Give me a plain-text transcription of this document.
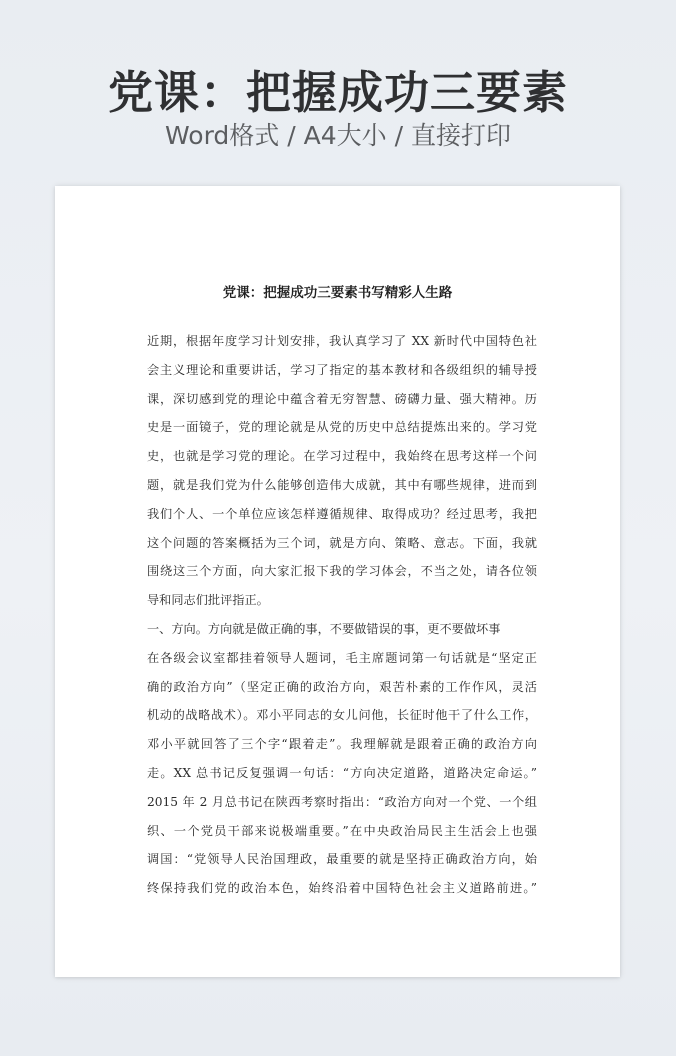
党课：把握成功三要素
Word格式 / A4大小 / 直接打印
党课：把握成功三要素书写精彩人生路
近期，根据年度学习计划安排，我认真学习了 XX 新时代中国特色社
会主义理论和重要讲话，学习了指定的基本教材和各级组织的辅导授
课，深切感到党的理论中蕴含着无穷智慧、磅礴力量、强大精神。历
史是一面镜子，党的理论就是从党的历史中总结提炼出来的。学习党
史，也就是学习党的理论。在学习过程中，我始终在思考这样一个问
题，就是我们党为什么能够创造伟大成就，其中有哪些规律，进而到
我们个人、一个单位应该怎样遵循规律、取得成功？经过思考，我把
这个问题的答案概括为三个词，就是方向、策略、意志。下面，我就
围绕这三个方面，向大家汇报下我的学习体会，不当之处，请各位领
导和同志们批评指正。
一、方向。方向就是做正确的事，不要做错误的事，更不要做坏事
在各级会议室都挂着领导人题词，毛主席题词第一句话就是“坚定正
确的政治方向”（坚定正确的政治方向，艰苦朴素的工作作风，灵活
机动的战略战术）。邓小平同志的女儿问他，长征时他干了什么工作，
邓小平就回答了三个字“跟着走”。我理解就是跟着正确的政治方向
走。XX 总书记反复强调一句话：“方向决定道路，道路决定命运。”
2015 年 2 月总书记在陕西考察时指出：“政治方向对一个党、一个组
织、一个党员干部来说极端重要。”在中央政治局民主生活会上也强
调国：“党领导人民治国理政，最重要的就是坚持正确政治方向，始
终保持我们党的政治本色，始终沿着中国特色社会主义道路前进。”
